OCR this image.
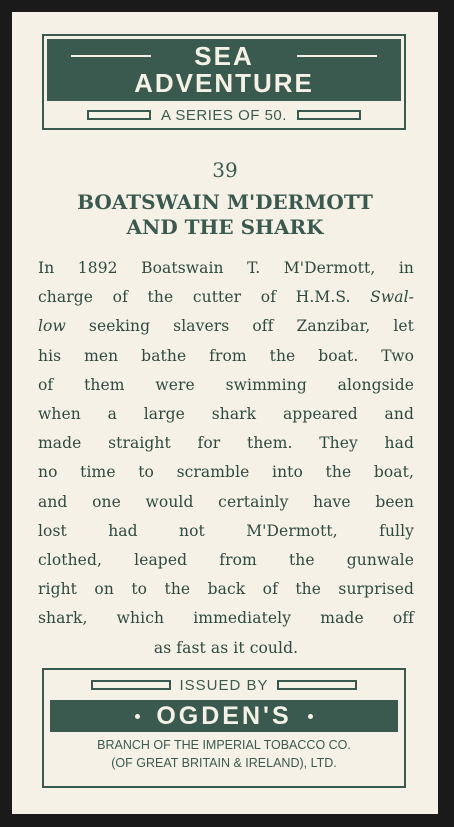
SEA
ADVENTURE
A SERIES OF 50.
39
BOATSWAIN M'DERMOTT
AND THE SHARK
In 1892 Boatswain T. M'Dermott, in
charge of the cutter of H.M.S. Swal-
low seeking slavers off Zanzibar, let
his men bathe from the boat. Two
of them were swimming alongside
when a large shark appeared and
made straight for them. They had
no time to scramble into the boat,
and one would certainly have been
lost had not M'Dermott, fully
clothed, leaped from the gunwale
right on to the back of the surprised
shark, which immediately made off
as fast as it could.
ISSUED BY
OGDEN'S
BRANCH OF THE IMPERIAL TOBACCO CO.
(OF GREAT BRITAIN & IRELAND), LTD.
